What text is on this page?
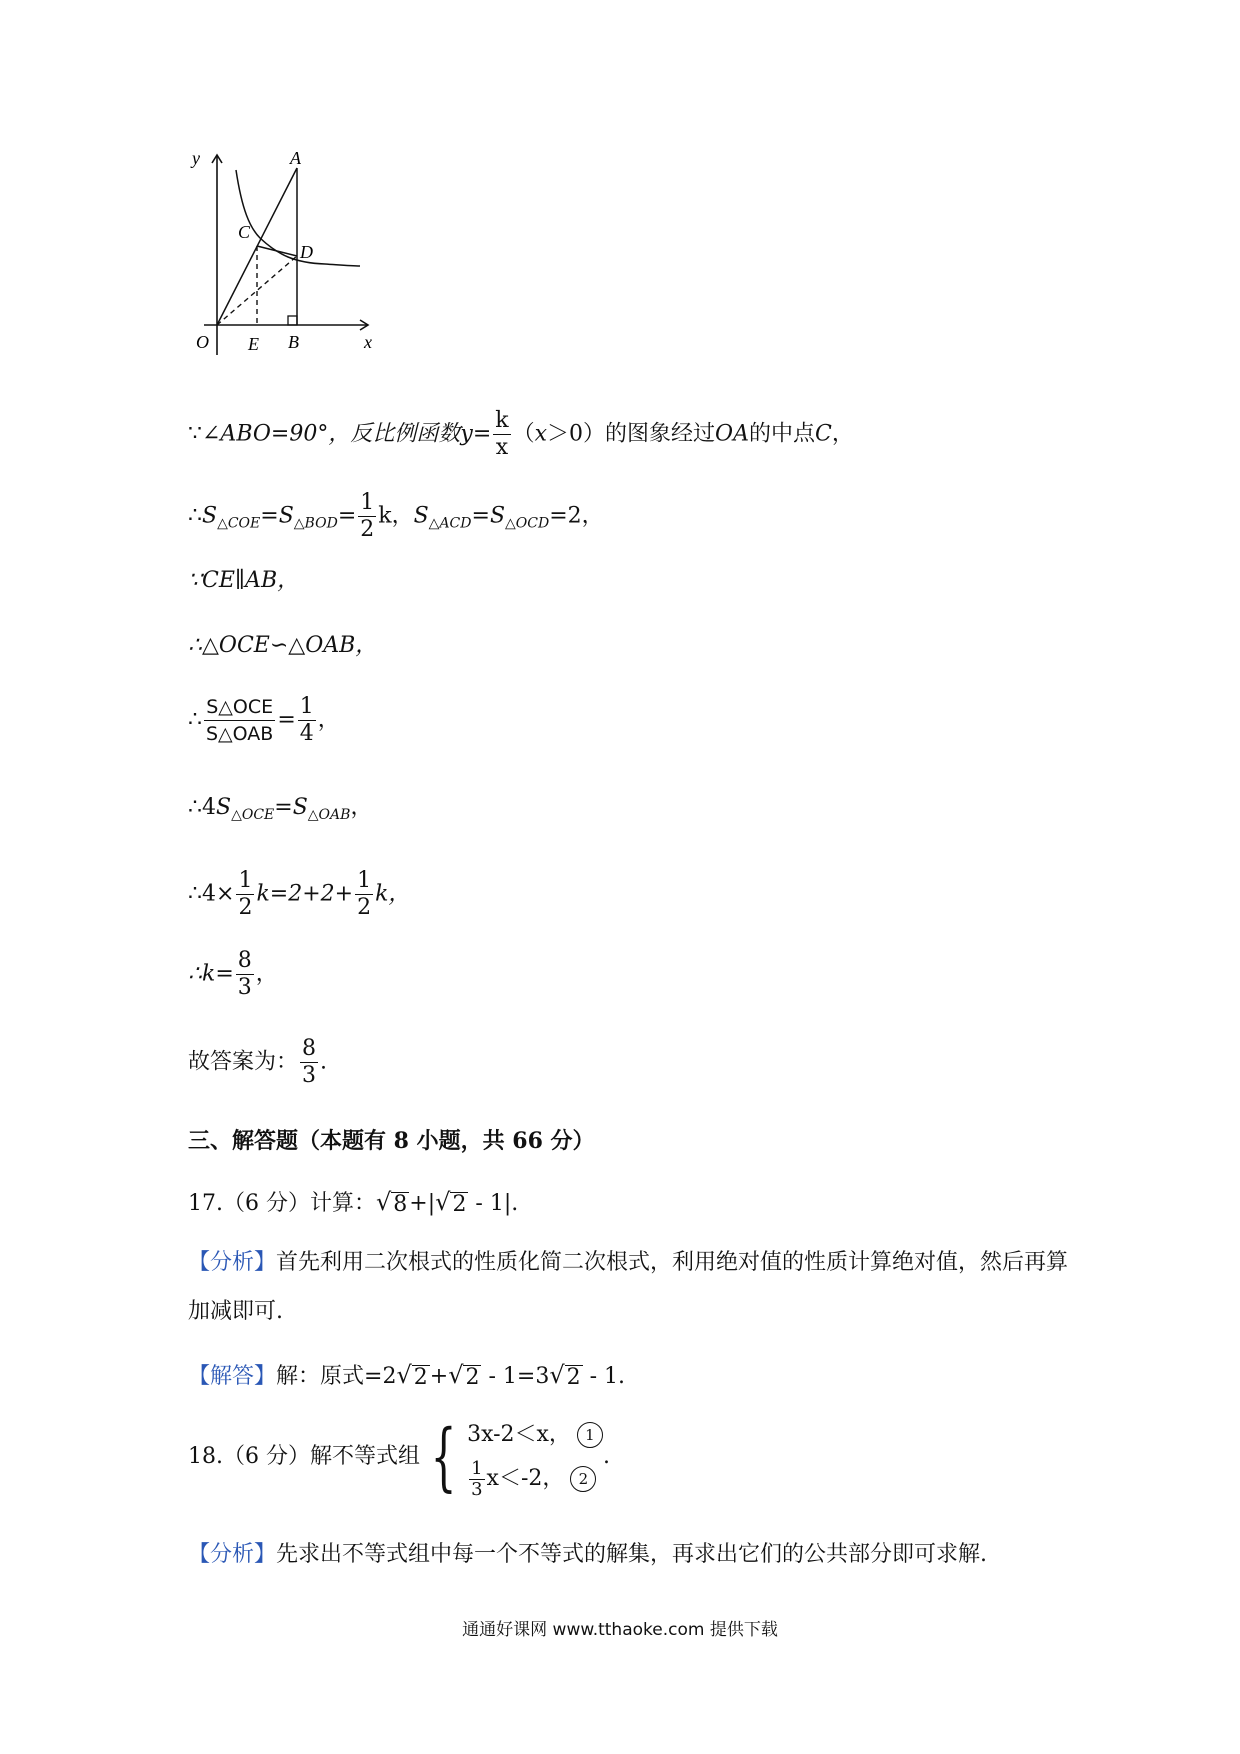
y	A
C
D
O E B	x
∵∠ABO=90°，反比例函数$y= \frac{k}{x} (x>0)$的图象经过OA的中点C，
$\therefore S_{\triangle COE}=S_{\triangle BOD}= \frac{1}{2}$ k，$S_{\triangle ACD}=S_{\triangle OCD}=2$，
∵CE∥AB，
∴△OCE∽△OAB，
∴ $\frac{\text{S△OCE}}{\text{S△OAB}} = \frac{1}{4}$ ，
$\therefore 4S_{\triangle OCE}=S_{\triangle OAB}$，
∴4× $\frac{1}{2} k=2+2+ \frac{1}{2}$ k，
∴k= $\frac{8}{3}$ ，
故答案为： $\frac{8}{3}$ .
三、解答题（本题有 8 小题，共 66 分）
17.（6 分）计算： √ 8 +| √ 2 - 1|.
【分析】首先利用二次根式的性质化简二次根式，利用绝对值的性质计算绝对值，然后再算
加减即可.
【解答】解：原式=2 √ 2 + √ 2 - 1=3 √ 2 - 1.
18.（6 分）解不等式组 { 3x-2＜x， 1
$\frac{1}{3} x<-2$， 2
.
【分析】先求出不等式组中每一个不等式的解集，再求出它们的公共部分即可求解.
通通好课网 www.tthaoke.com 提供下载
